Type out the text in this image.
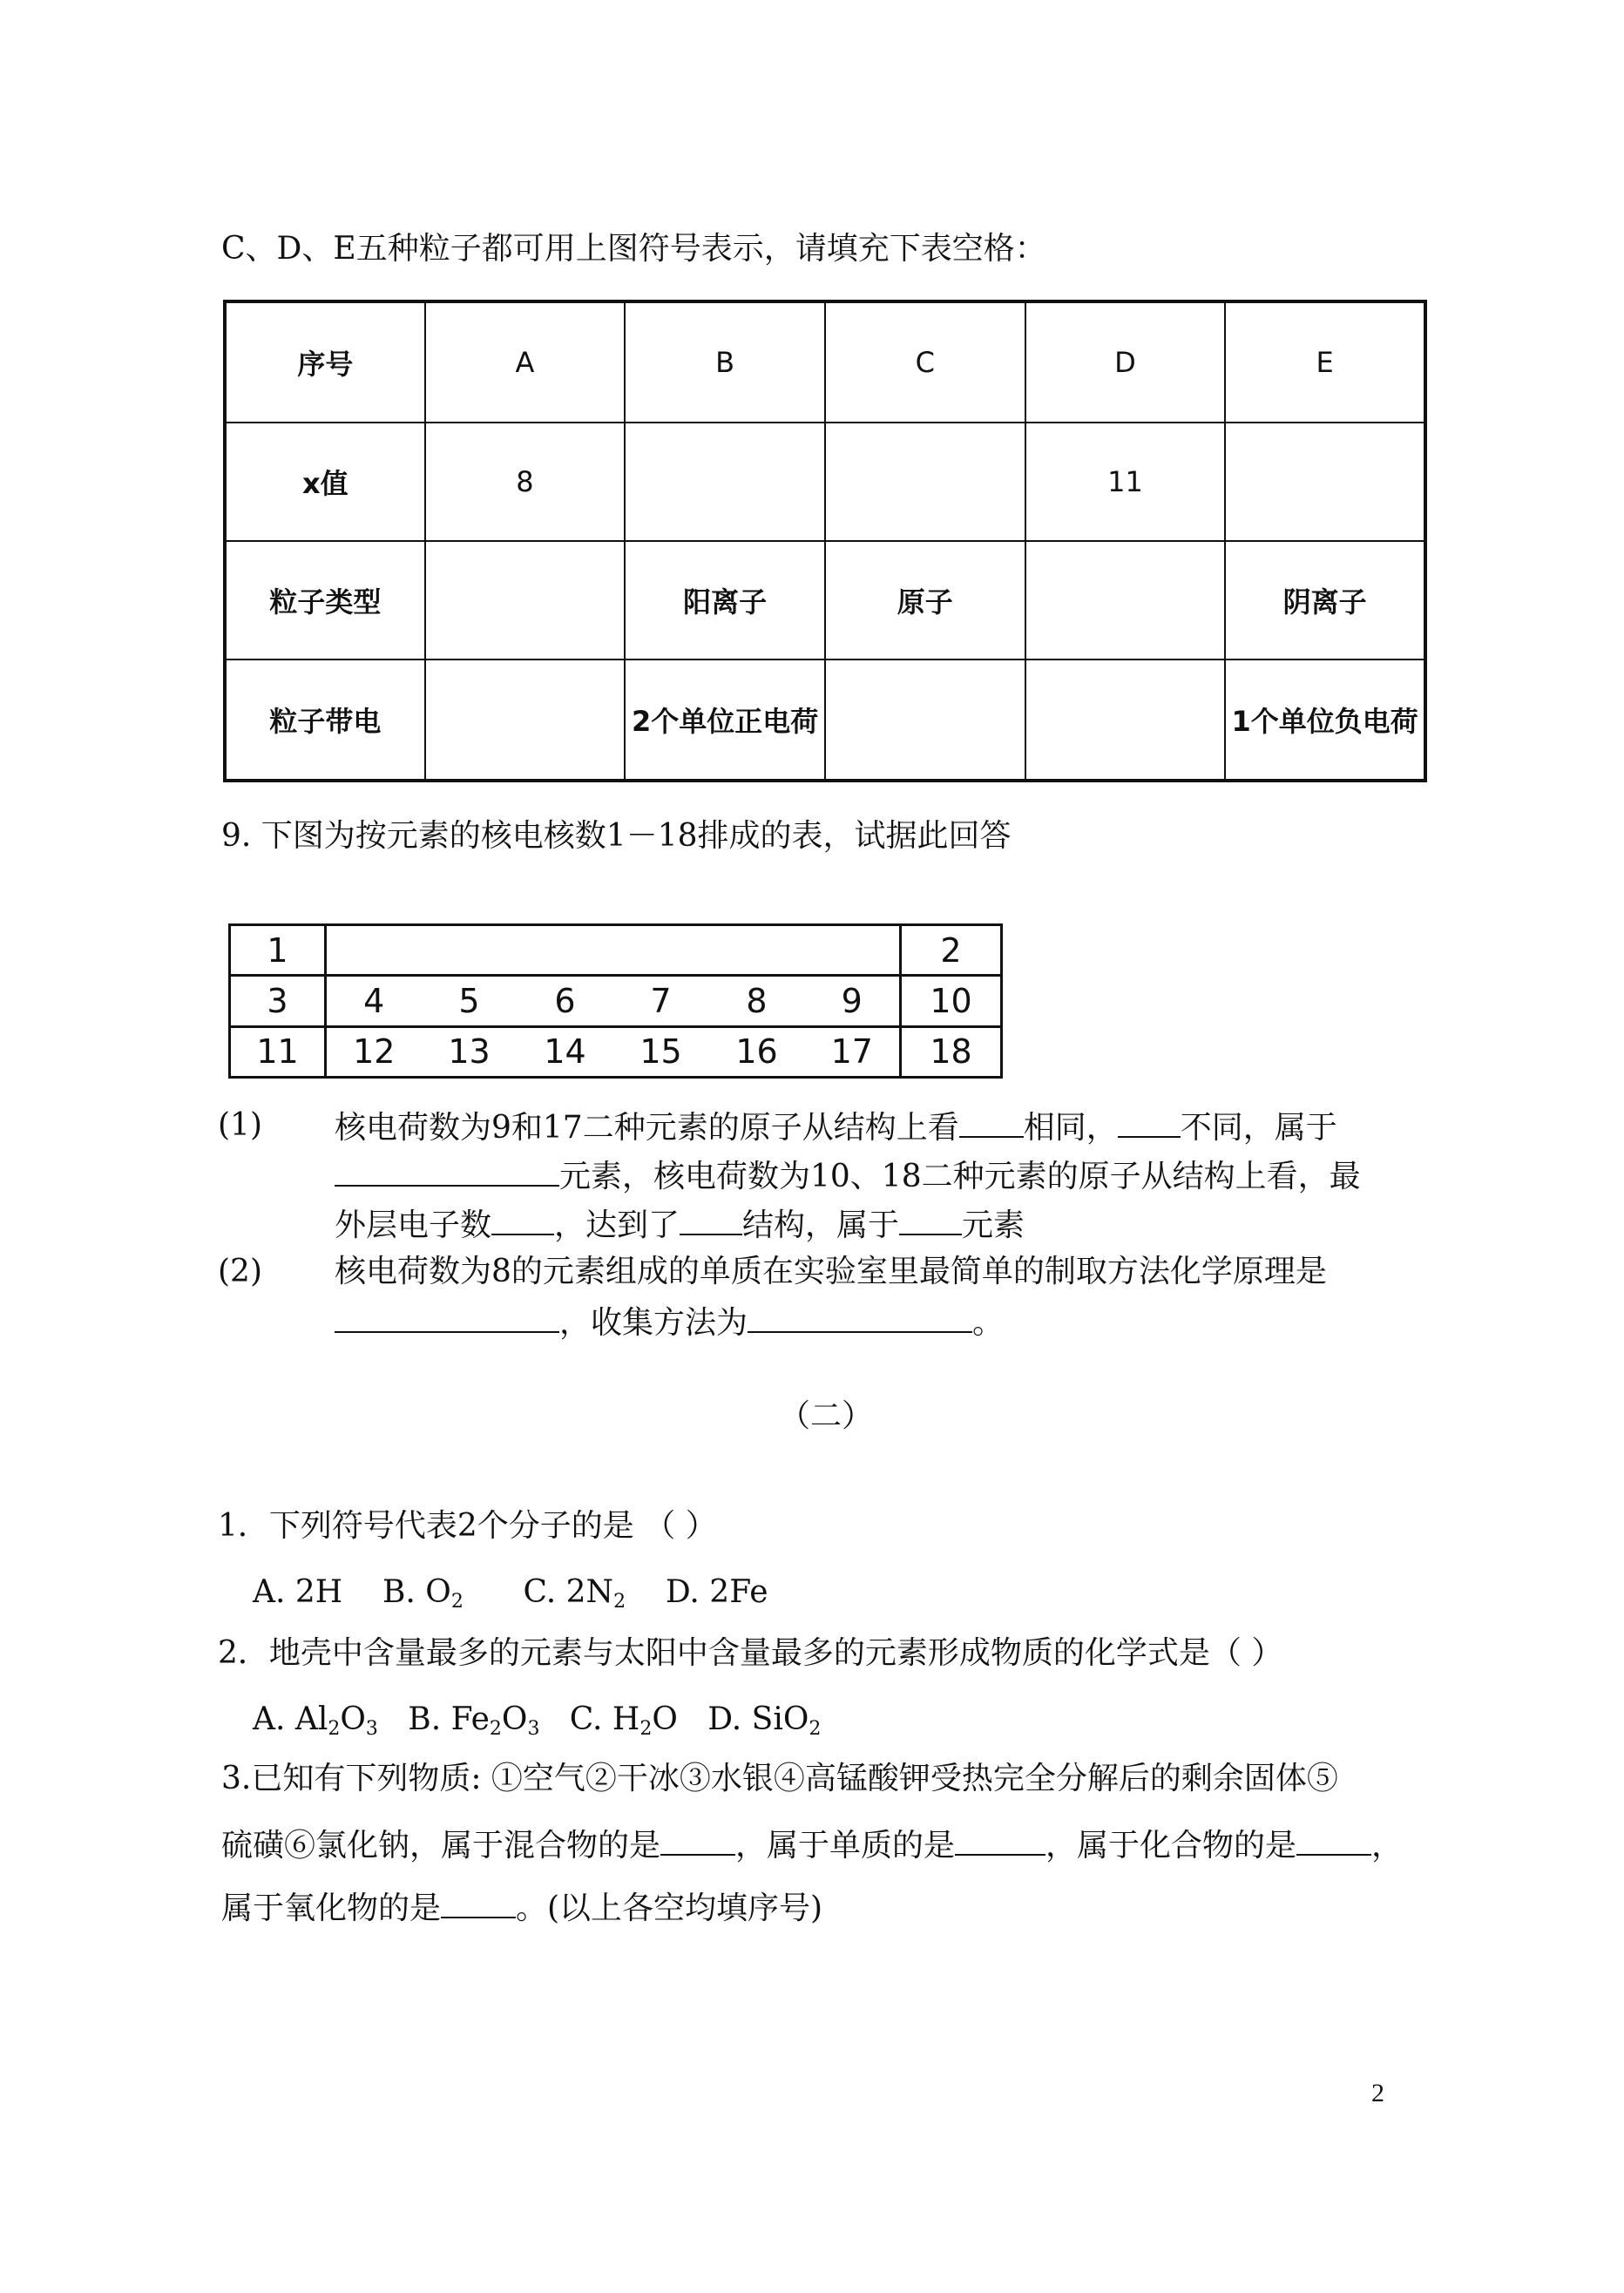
C、D、E五种粒子都可用上图符号表示，请填充下表空格：
序号	A	B	C	D	E
x值	8			11	
粒子类型		阳离子	原子		阴离子
粒子带电		2个单位正电荷			1个单位负电荷
9. 下图为按元素的核电核数1－18排成的表，试据此回答
1							2
3	4	5	6	7	8	9	10
11	12	13	14	15	16	17	18
(1) 核电荷数为9和17二种元素的原子从结构上看 相同， 不同，属于
元素，核电荷数为10、18二种元素的原子从结构上看，最
外层电子数 ，达到了 结构，属于 元素
(2) 核电荷数为8的元素组成的单质在实验室里最简单的制取方法化学原理是
，收集方法为	。
（二）
1．下列符号代表2个分子的是 （ ）
A. 2H B. $O_2$ C. $2N_2$ D. 2Fe
2．地壳中含量最多的元素与太阳中含量最多的元素形成物质的化学式是（ ）
A. $Al_2O_3$ B. $Fe_2O_3$ C. $H_2O$ D. SiO$_2$
3.已知有下列物质: ①空气②干冰③水银④高锰酸钾受热完全分解后的剩余固体⑤
硫磺⑥氯化钠，属于混合物的是 ，属于单质的是	，属于化合物的是 ，
属于氧化物的是 。(以上各空均填序号)
2
